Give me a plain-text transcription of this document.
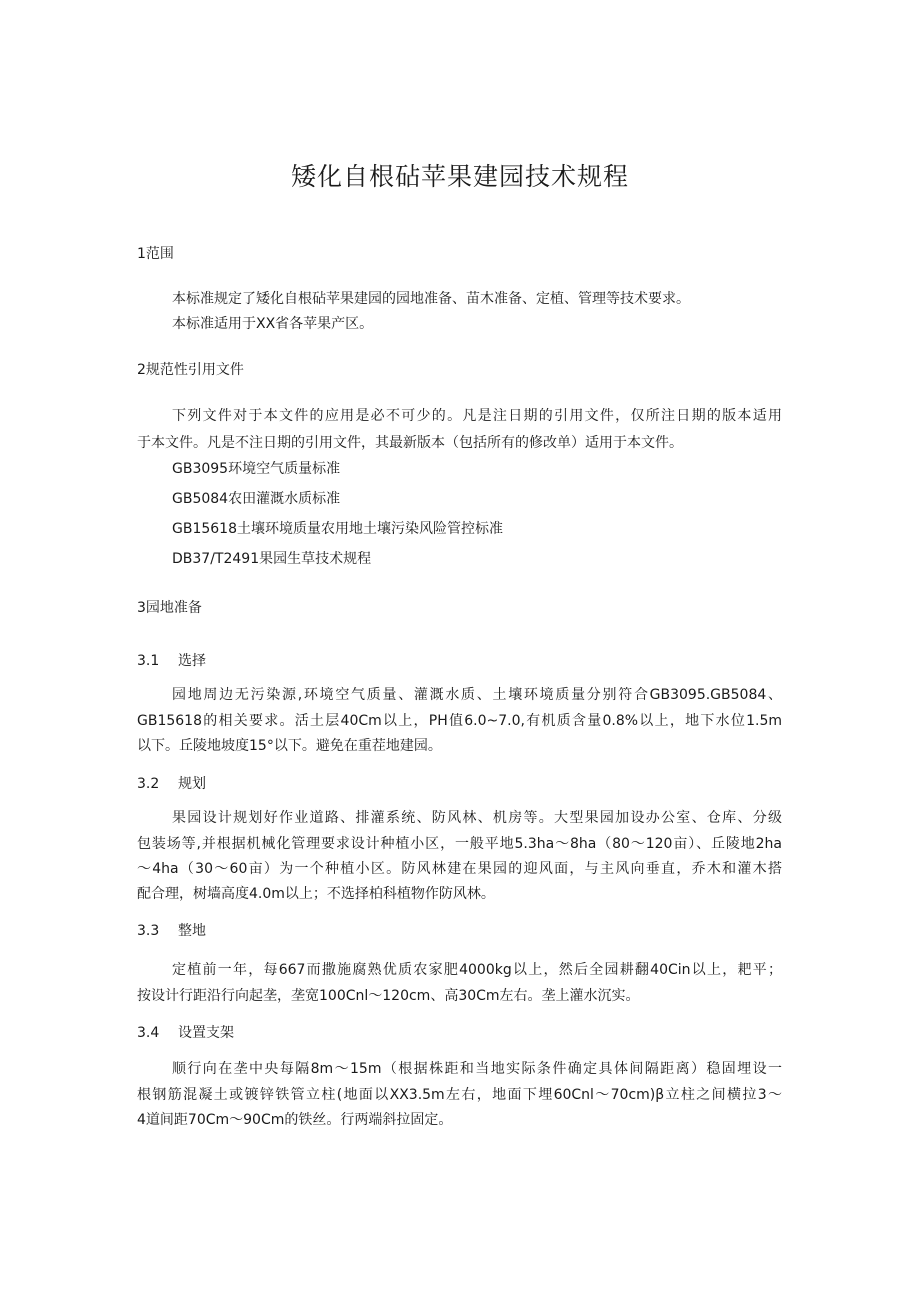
矮化自根砧苹果建园技术规程
1范围
本标准规定了矮化自根砧苹果建园的园地准备、苗木准备、定植、管理等技术要求。
本标准适用于XX省各苹果产区。
2规范性引用文件
下列文件对于本文件的应用是必不可少的。凡是注日期的引用文件，仅所注日期的版本适用
于本文件。凡是不注日期的引用文件，其最新版本（包括所有的修改单）适用于本文件。
GB3095环境空气质量标准
GB5084农田灌溉水质标准
GB15618土壤环境质量农用地土壤污染风险管控标准
DB37/T2491果园生草技术规程
3园地准备
3.1 选择
园地周边无污染源,环境空气质量、灌溉水质、土壤环境质量分别符合GB3095.GB5084、
GB15618的相关要求。活土层40Cm以上，PH值6.0~7.0,有机质含量0.8%以上，地下水位1.5m
以下。丘陵地坡度15°以下。避免在重茬地建园。
3.2 规划
果园设计规划好作业道路、排灌系统、防风林、机房等。大型果园加设办公室、仓库、分级
包装场等,并根据机械化管理要求设计种植小区，一般平地5.3ha～8ha（80～120亩）、丘陵地2ha
～4ha（30～60亩）为一个种植小区。防风林建在果园的迎风面，与主风向垂直，乔木和灌木搭
配合理，树墙高度4.0m以上；不选择柏科植物作防风林。
3.3 整地
定植前一年，每667而撒施腐熟优质农家肥4000kg以上，然后全园耕翻40Cin以上，耙平；
按设计行距沿行向起垄，垄宽100Cnl～120cm、高30Cm左右。垄上灌水沉实。
3.4 设置支架
顺行向在垄中央每隔8m～15m（根据株距和当地实际条件确定具体间隔距离）稳固埋设一
根钢筋混凝土或镀锌铁管立柱(地面以XX3.5m左右，地面下埋60Cnl～70cm)β立柱之间横拉3～
4道间距70Cm～90Cm的铁丝。行两端斜拉固定。
